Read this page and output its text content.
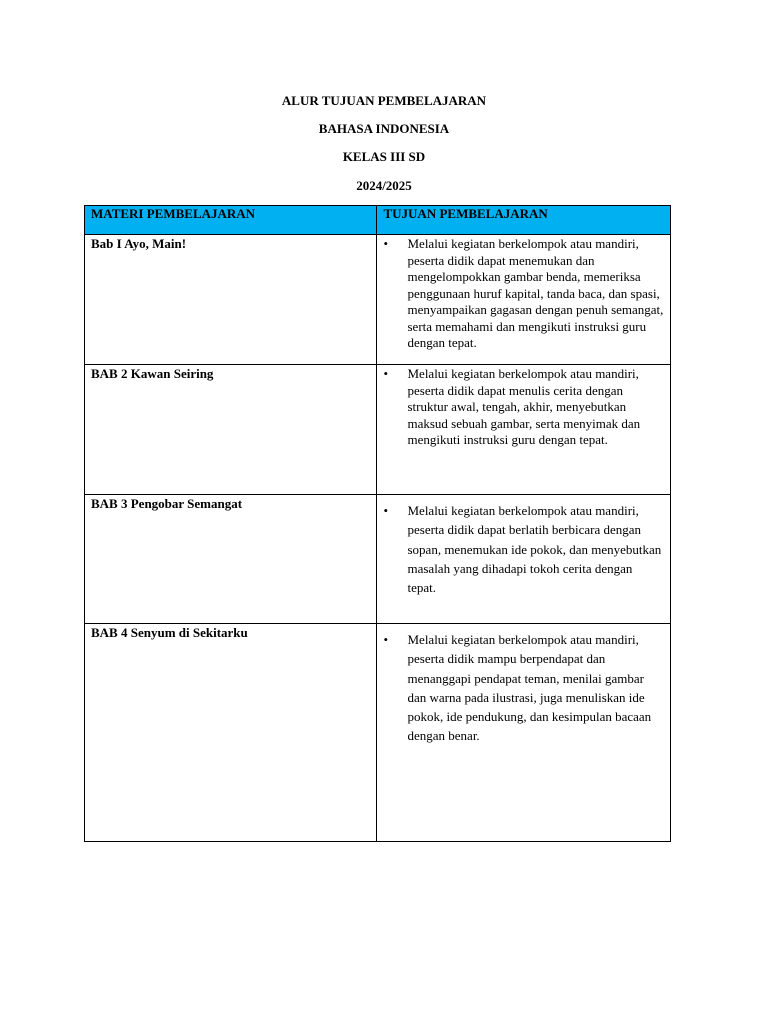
ALUR TUJUAN PEMBELAJARAN
BAHASA INDONESIA
KELAS III SD
2024/2025
MATERI PEMBELAJARAN	TUJUAN PEMBELAJARAN

Bab I Ayo, Main!	• Melalui kegiatan berkelompok atau mandiri, peserta didik dapat menemukan dan mengelompokkan gambar benda, memeriksa penggunaan huruf kapital, tanda baca, dan spasi, menyampaikan gagasan dengan penuh semangat, serta memahami dan mengikuti instruksi guru dengan tepat.

BAB 2 Kawan Seiring	• Melalui kegiatan berkelompok atau mandiri, peserta didik dapat menulis cerita dengan struktur awal, tengah, akhir, menyebutkan maksud sebuah gambar, serta menyimak dan mengikuti instruksi guru dengan tepat.

BAB 3 Pengobar Semangat	• Melalui kegiatan berkelompok atau mandiri, peserta didik dapat berlatih berbicara dengan sopan, menemukan ide pokok, dan menyebutkan masalah yang dihadapi tokoh cerita dengan tepat.

BAB 4 Senyum di Sekitarku	• Melalui kegiatan berkelompok atau mandiri, peserta didik mampu berpendapat dan menanggapi pendapat teman, menilai gambar dan warna pada ilustrasi, juga menuliskan ide pokok, ide pendukung, dan kesimpulan bacaan dengan benar.
